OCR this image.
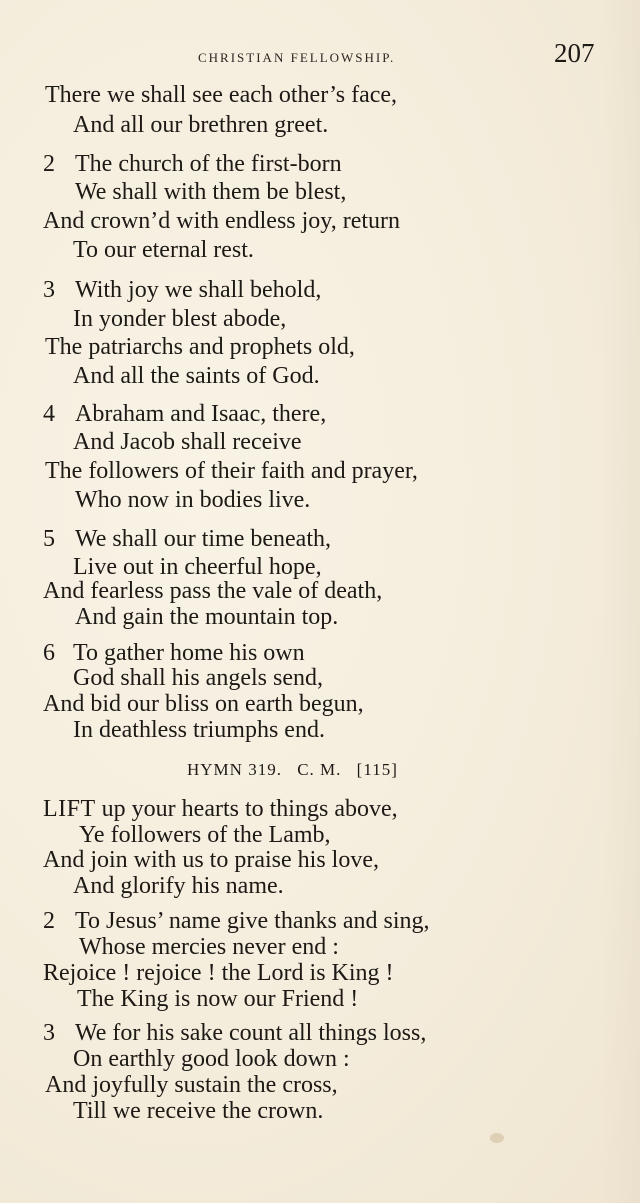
CHRISTIAN FELLOWSHIP.	207
There we shall see each other’s face,
And all our brethren greet.
2 The church of the first-born
We shall with them be blest,
And crown’d with endless joy, return
To our eternal rest.
3 With joy we shall behold,
In yonder blest abode,
The patriarchs and prophets old,
And all the saints of God.
4 Abraham and Isaac, there,
And Jacob shall receive
The followers of their faith and prayer,
Who now in bodies live.
5 We shall our time beneath,
Live out in cheerful hope,
And fearless pass the vale of death,
And gain the mountain top.
6 To gather home his own
God shall his angels send,
And bid our bliss on earth begun,
In deathless triumphs end.
HYMN 319. C. M. [115]
LIFT up your hearts to things above,
Ye followers of the Lamb,
And join with us to praise his love,
And glorify his name.
2 To Jesus’ name give thanks and sing,
Whose mercies never end :
Rejoice ! rejoice ! the Lord is King !
The King is now our Friend !
3 We for his sake count all things loss,
On earthly good look down :
And joyfully sustain the cross,
Till we receive the crown.
